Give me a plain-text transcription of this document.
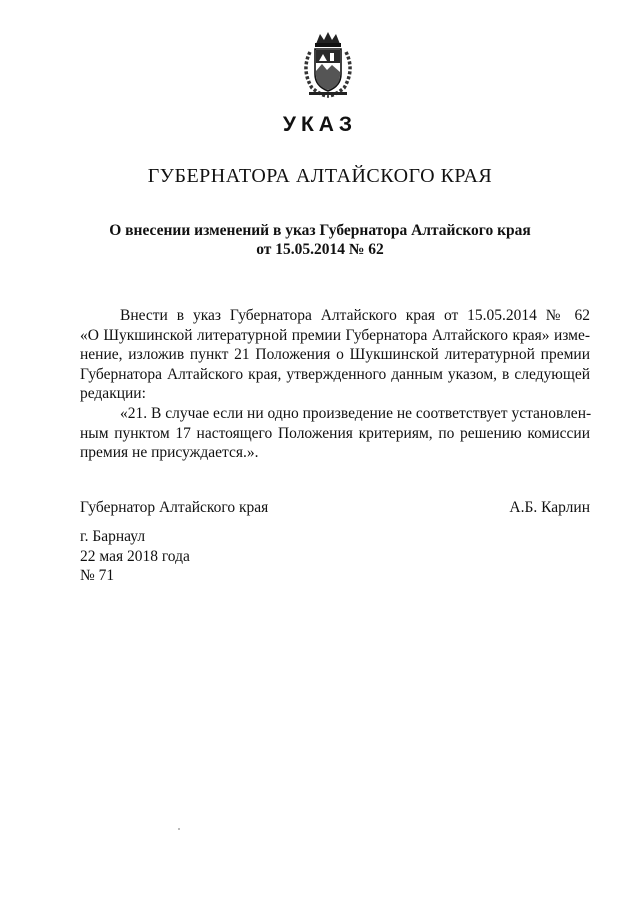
УКАЗ
ГУБЕРНАТОРА АЛТАЙСКОГО КРАЯ
О внесении изменений в указ Губернатора Алтайского края
от 15.05.2014 № 62
Внести в указ Губернатора Алтайского края от 15.05.2014 № 62
«О Шукшинской литературной премии Губернатора Алтайского края» изме-
нение, изложив пункт 21 Положения о Шукшинской литературной премии
Губернатора Алтайского края, утвержденного данным указом, в следующей
редакции:
«21. В случае если ни одно произведение не соответствует установлен-
ным пунктом 17 настоящего Положения критериям, по решению комиссии
премия не присуждается.».
Губернатор Алтайского края	А.Б. Карлин
г. Барнаул
22 мая 2018 года
№ 71
